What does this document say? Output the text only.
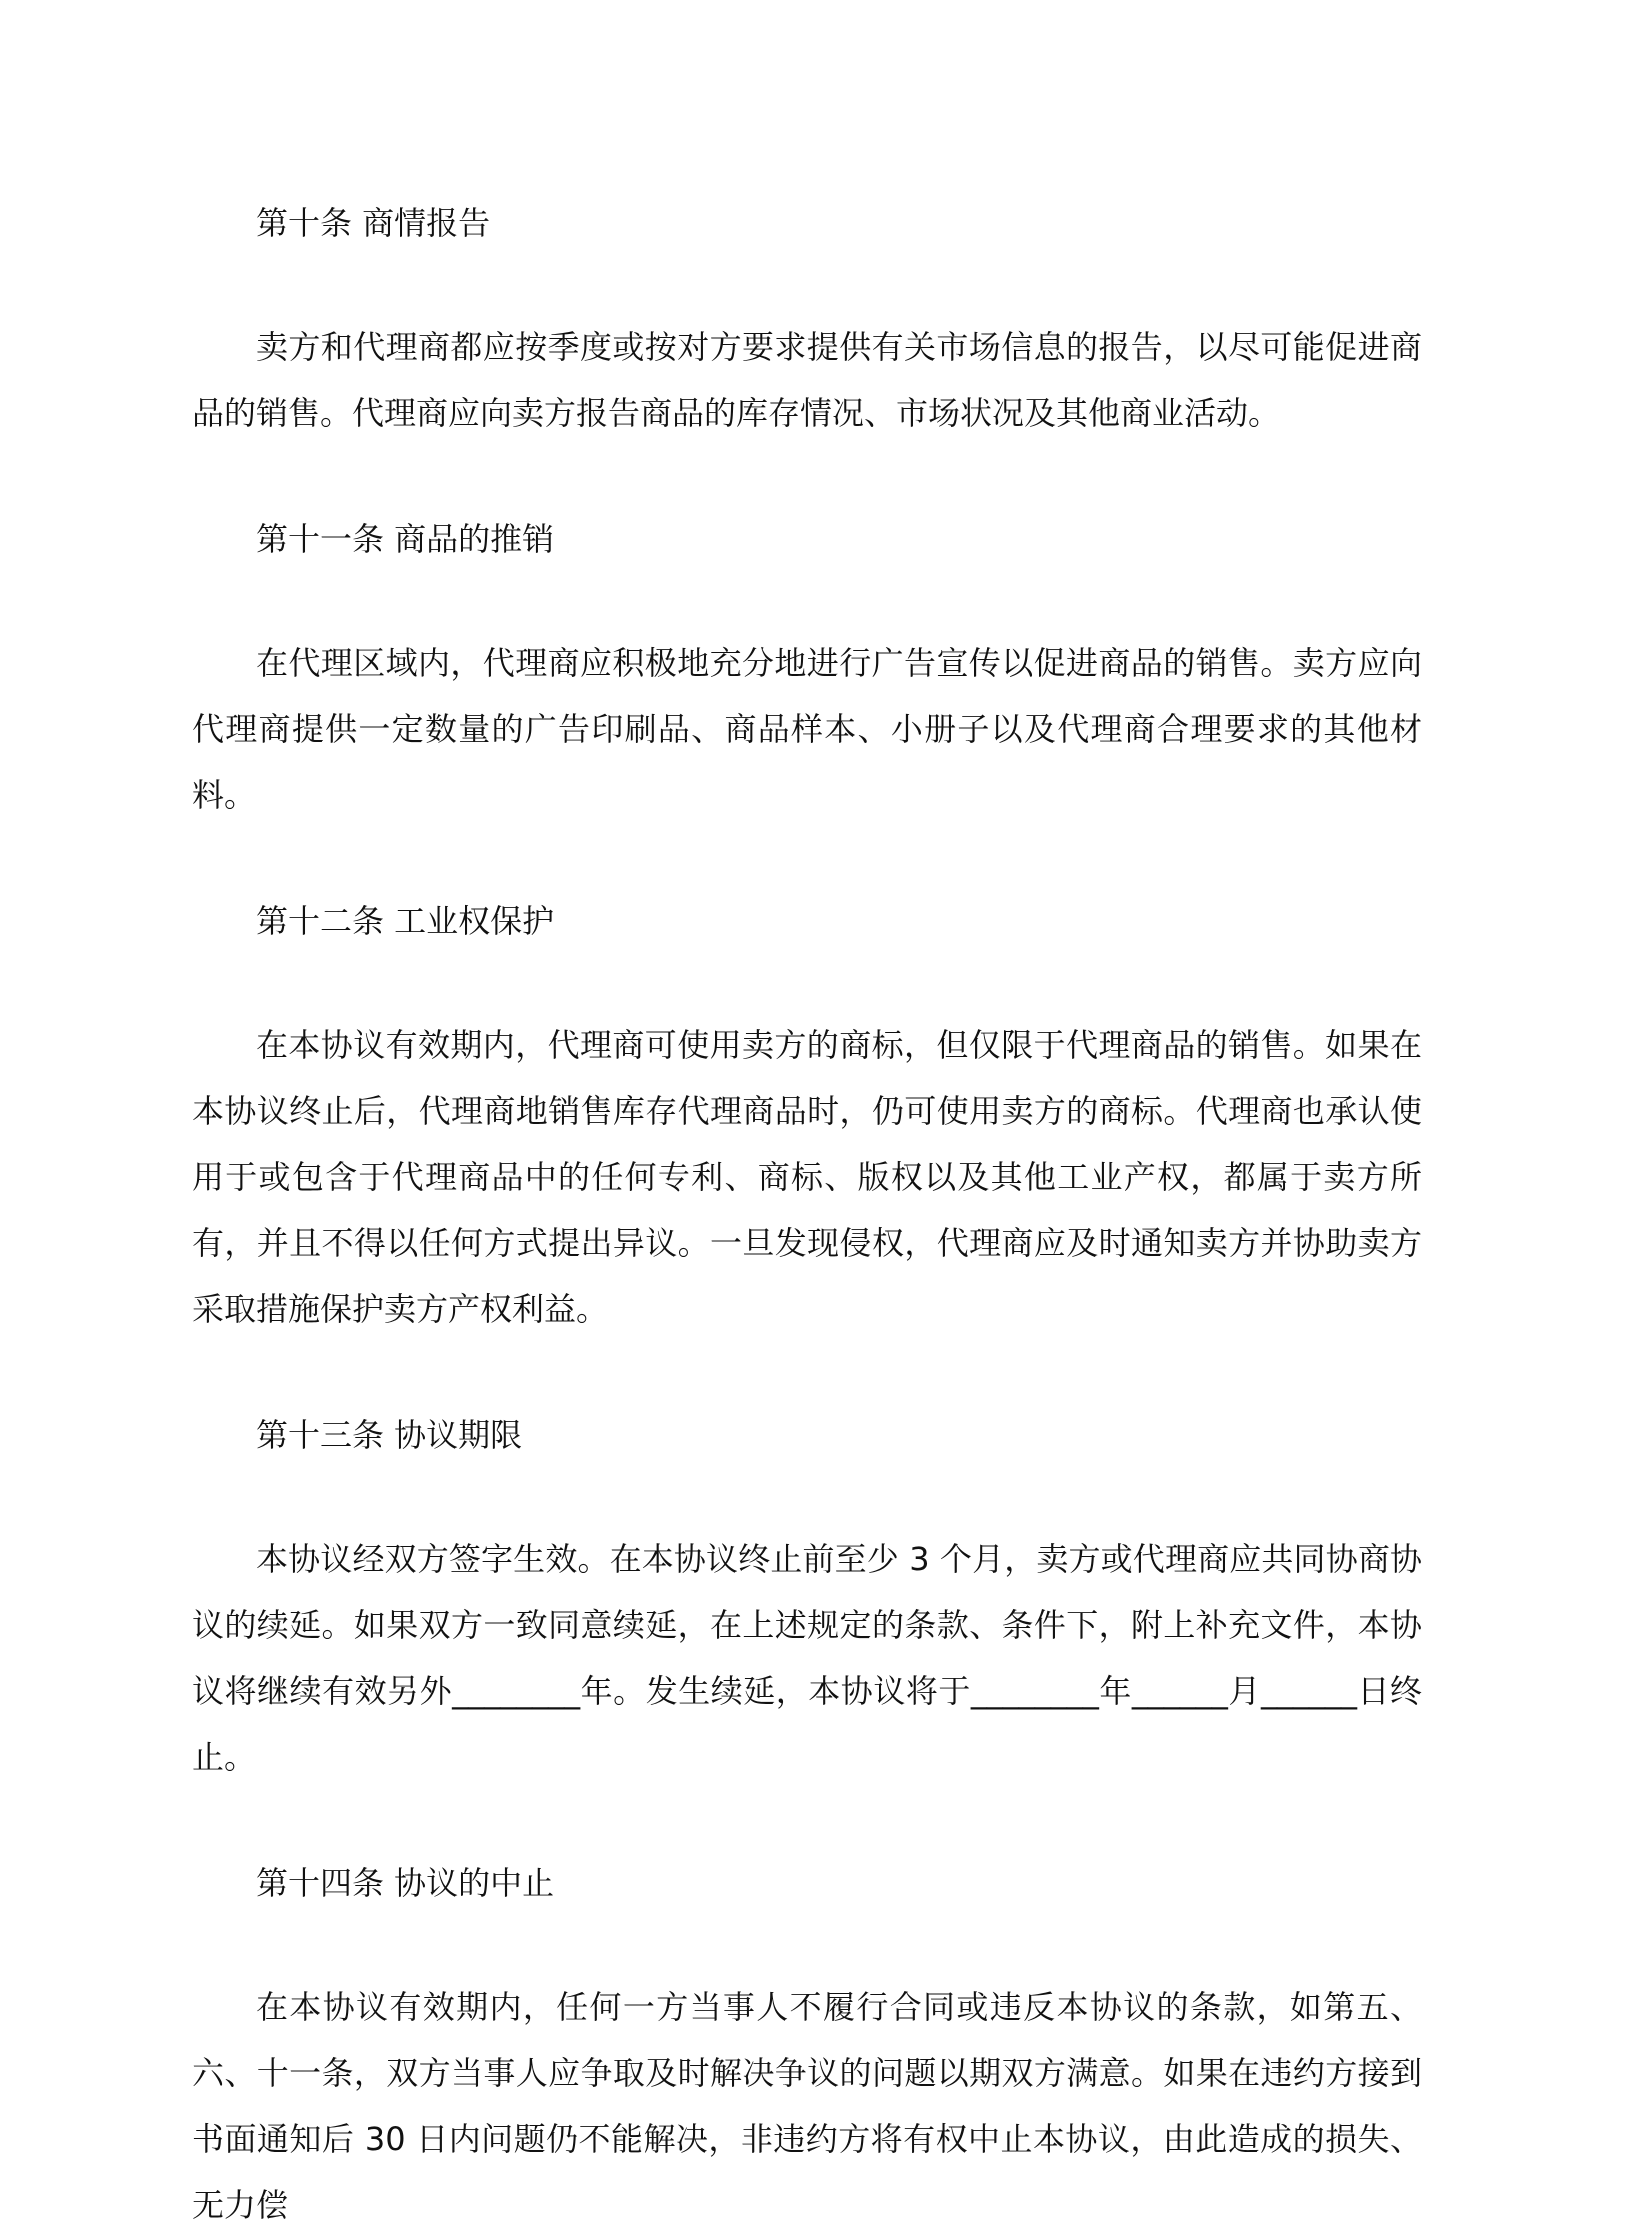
第十条 商情报告

卖方和代理商都应按季度或按对方要求提供有关市场信息的报告，以尽可能促进商品的销售。代理商应向卖方报告商品的库存情况、市场状况及其他商业活动。

第十一条 商品的推销

在代理区域内，代理商应积极地充分地进行广告宣传以促进商品的销售。卖方应向代理商提供一定数量的广告印刷品、商品样本、小册子以及代理商合理要求的其他材料。

第十二条 工业权保护

在本协议有效期内，代理商可使用卖方的商标，但仅限于代理商品的销售。如果在本协议终止后，代理商地销售库存代理商品时，仍可使用卖方的商标。代理商也承认使用于或包含于代理商品中的任何专利、商标、版权以及其他工业产权，都属于卖方所有，并且不得以任何方式提出异议。一旦发现侵权，代理商应及时通知卖方并协助卖方采取措施保护卖方产权利益。

第十三条 协议期限

本协议经双方签字生效。在本协议终止前至少 3 个月，卖方或代理商应共同协商协议的续延。如果双方一致同意续延，在上述规定的条款、条件下，附上补充文件，本协议将继续有效另外________年。发生续延，本协议将于________年______月______日终止。

第十四条 协议的中止

在本协议有效期内，任何一方当事人不履行合同或违反本协议的条款，如第五、六、十一条，双方当事人应争取及时解决争议的问题以期双方满意。如果在违约方接到书面通知后 30 日内问题仍不能解决，非违约方将有权中止本协议，由此造成的损失、无力偿
